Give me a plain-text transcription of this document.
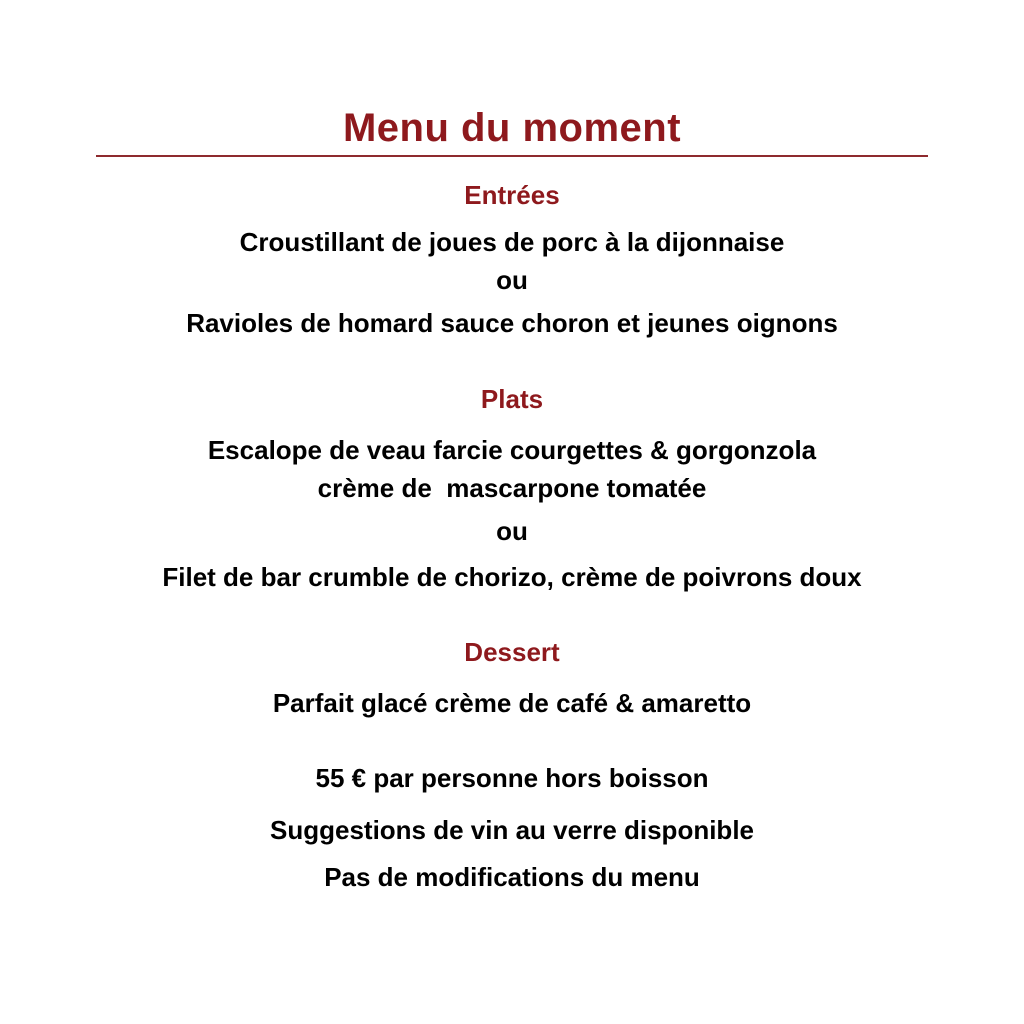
Menu du moment
Entrées

Croustillant de joues de porc à la dijonnaise

ou

Ravioles de homard sauce choron et jeunes oignons

Plats

Escalope de veau farcie courgettes & gorgonzola

crème de  mascarpone tomatée

ou

Filet de bar crumble de chorizo, crème de poivrons doux

Dessert

Parfait glacé crème de café & amaretto

55 € par personne hors boisson

Suggestions de vin au verre disponible

Pas de modifications du menu
